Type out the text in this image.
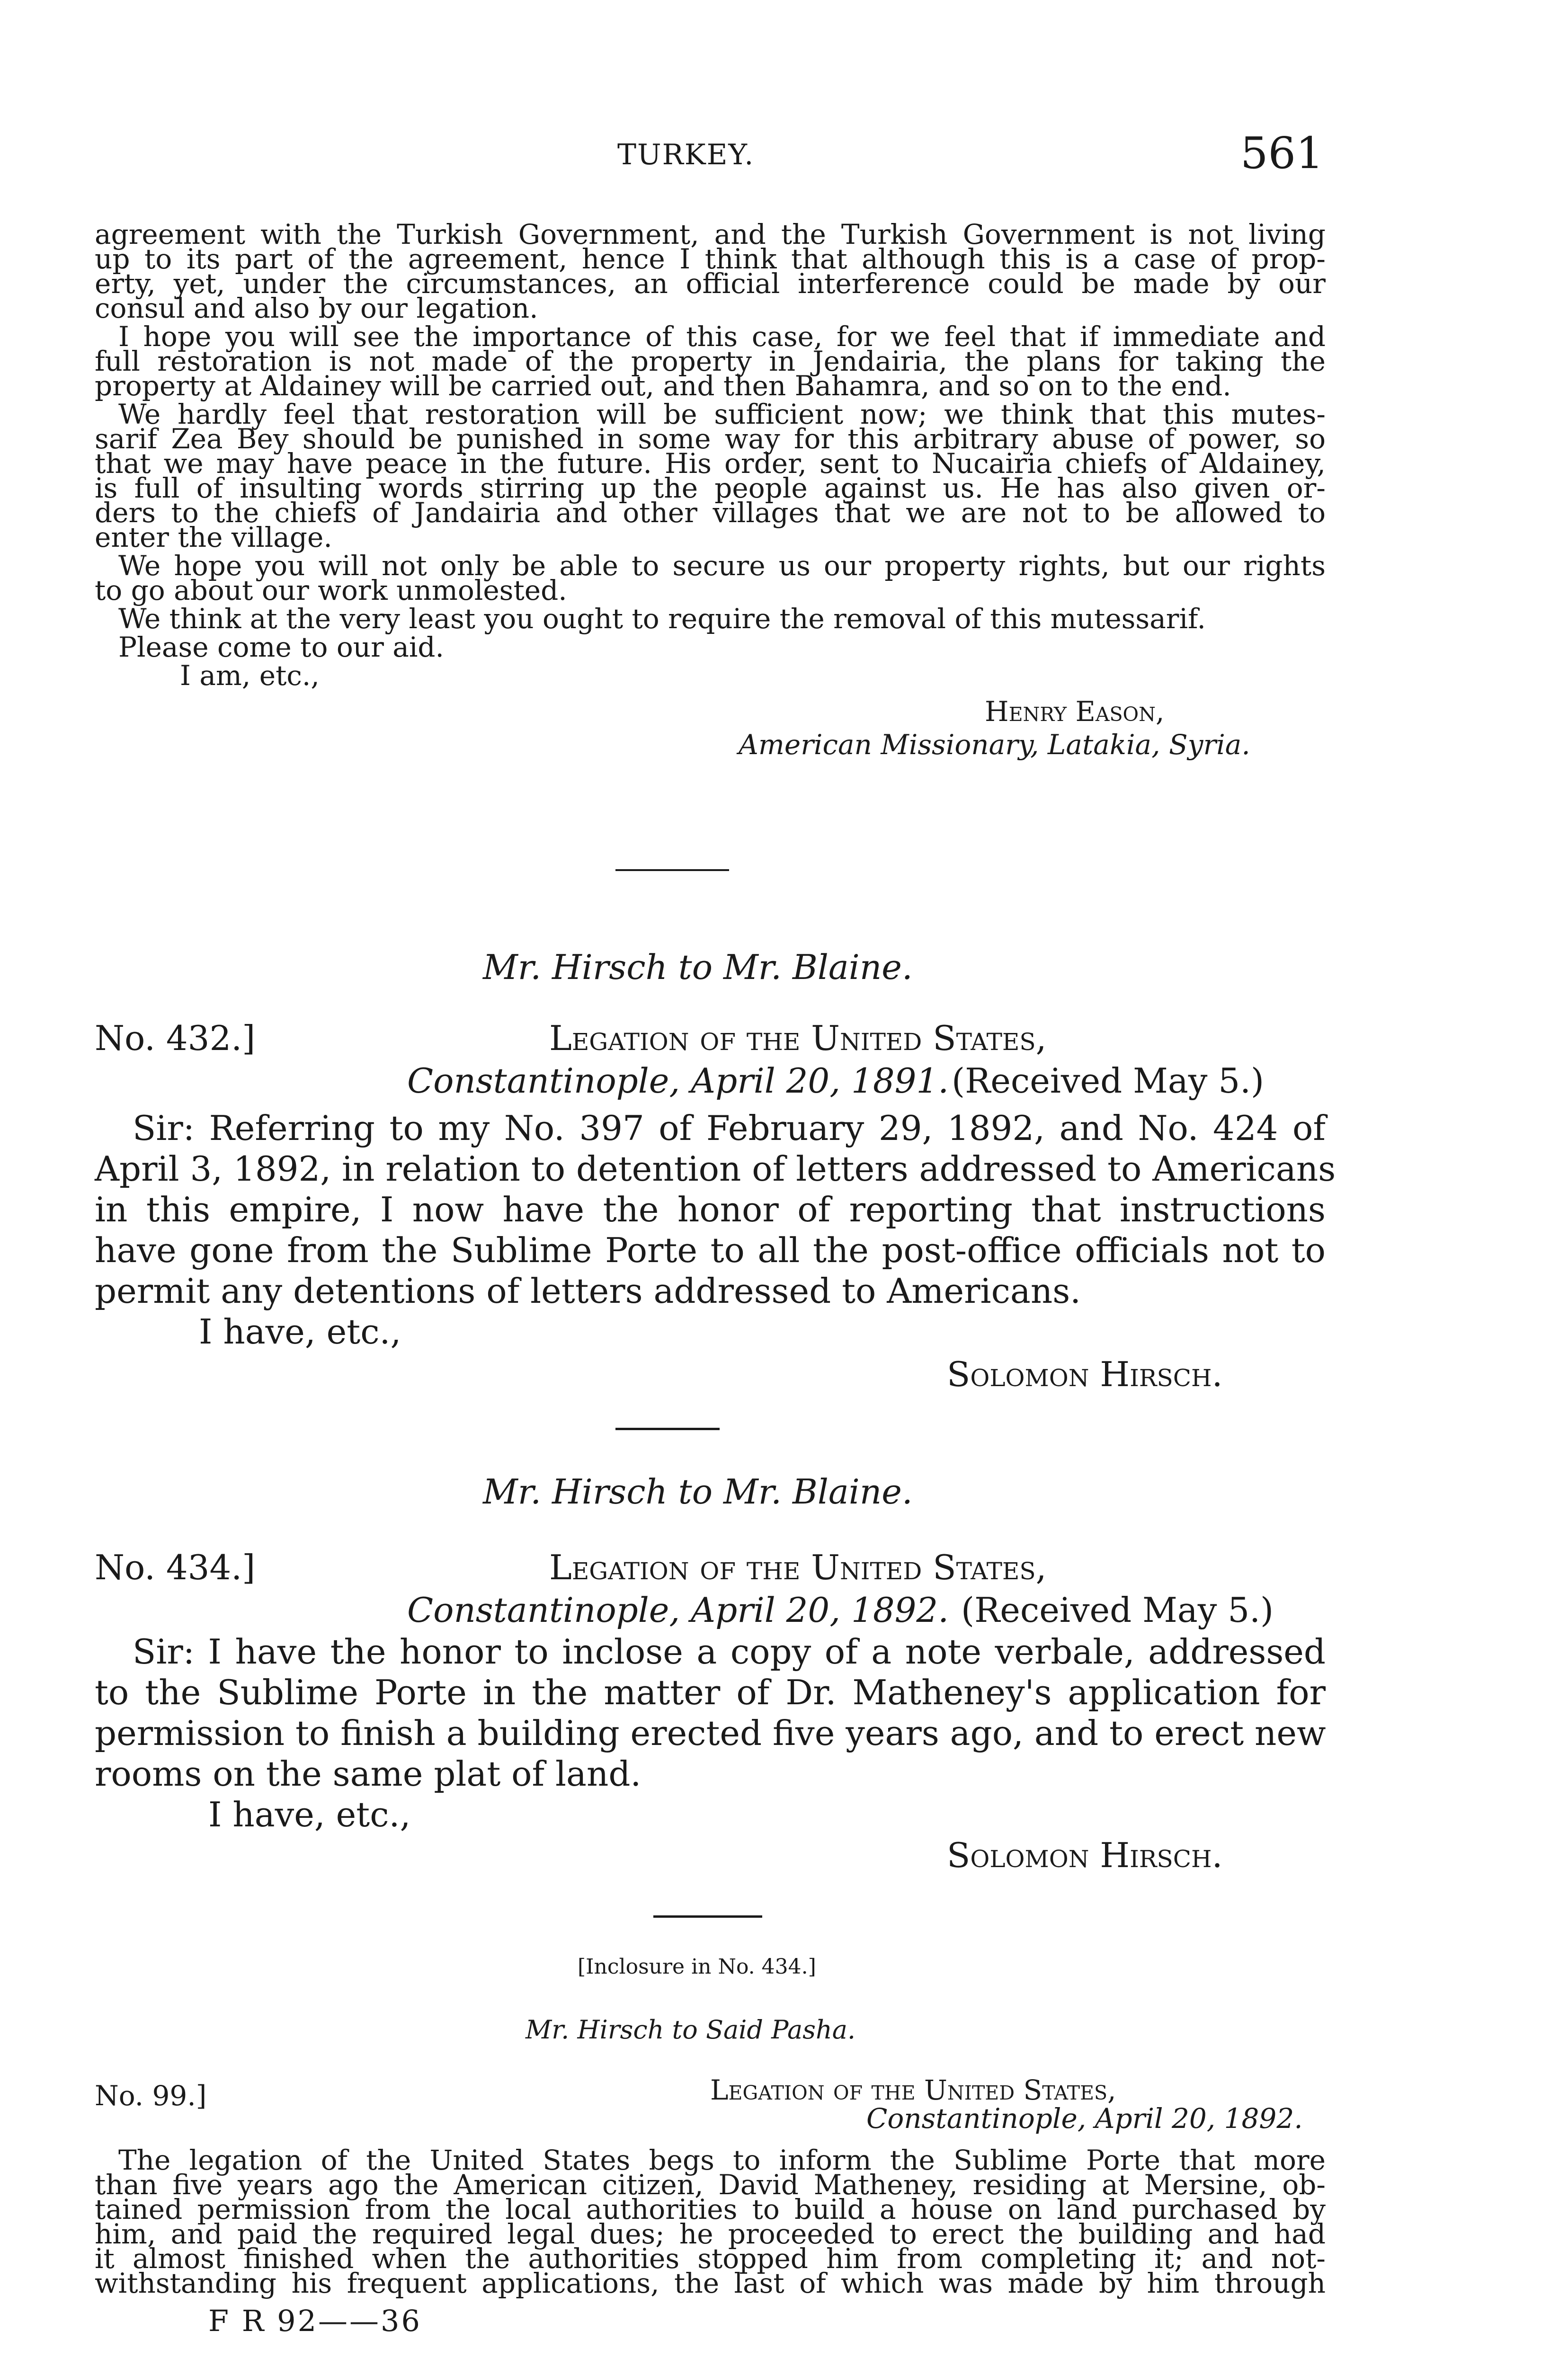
TURKEY.	561
agreement with the Turkish Government, and the Turkish Government is not living
up to its part of the agreement, hence I think that although this is a case of prop-
erty, yet, under the circumstances, an official interference could be made by our
consul and also by our legation.
I hope you will see the importance of this case, for we feel that if immediate and
full restoration is not made of the property in Jendairia, the plans for taking the
property at Aldainey will be carried out, and then Bahamra, and so on to the end.
We hardly feel that restoration will be sufficient now; we think that this mutes-
sarif Zea Bey should be punished in some way for this arbitrary abuse of power, so
that we may have peace in the future. His order, sent to Nucairia chiefs of Aldainey,
is full of insulting words stirring up the people against us. He has also given or-
ders to the chiefs of Jandairia and other villages that we are not to be allowed to
enter the village.
We hope you will not only be able to secure us our property rights, but our rights
to go about our work unmolested.
We think at the very least you ought to require the removal of this mutessarif.
Please come to our aid.
I am, etc.,
Henry Eason,
American Missionary, Latakia, Syria.
Mr. Hirsch to Mr. Blaine.
No. 432.]	Legation of the United States,
Constantinople, April 20, 1891. (Received May 5.)
Sir: Referring to my No. 397 of February 29, 1892, and No. 424 of
April 3, 1892, in relation to detention of letters addressed to Americans
in this empire, I now have the honor of reporting that instructions
have gone from the Sublime Porte to all the post-office officials not to
permit any detentions of letters addressed to Americans.
I have, etc.,
Solomon Hirsch.
Mr. Hirsch to Mr. Blaine.
No. 434.]	Legation of the United States,
Constantinople, April 20, 1892. (Received May 5.)
Sir: I have the honor to inclose a copy of a note verbale, addressed
to the Sublime Porte in the matter of Dr. Matheney's application for
permission to finish a building erected five years ago, and to erect new
rooms on the same plat of land.
I have, etc.,
Solomon Hirsch.
[Inclosure in No. 434.]
Mr. Hirsch to Said Pasha.
No. 99.]	Legation of the United States,
Constantinople, April 20, 1892.
The legation of the United States begs to inform the Sublime Porte that more
than five years ago the American citizen, David Matheney, residing at Mersine, ob-
tained permission from the local authorities to build a house on land purchased by
him, and paid the required legal dues; he proceeded to erect the building and had
it almost finished when the authorities stopped him from completing it; and not-
withstanding his frequent applications, the last of which was made by him through
F R 92——36
